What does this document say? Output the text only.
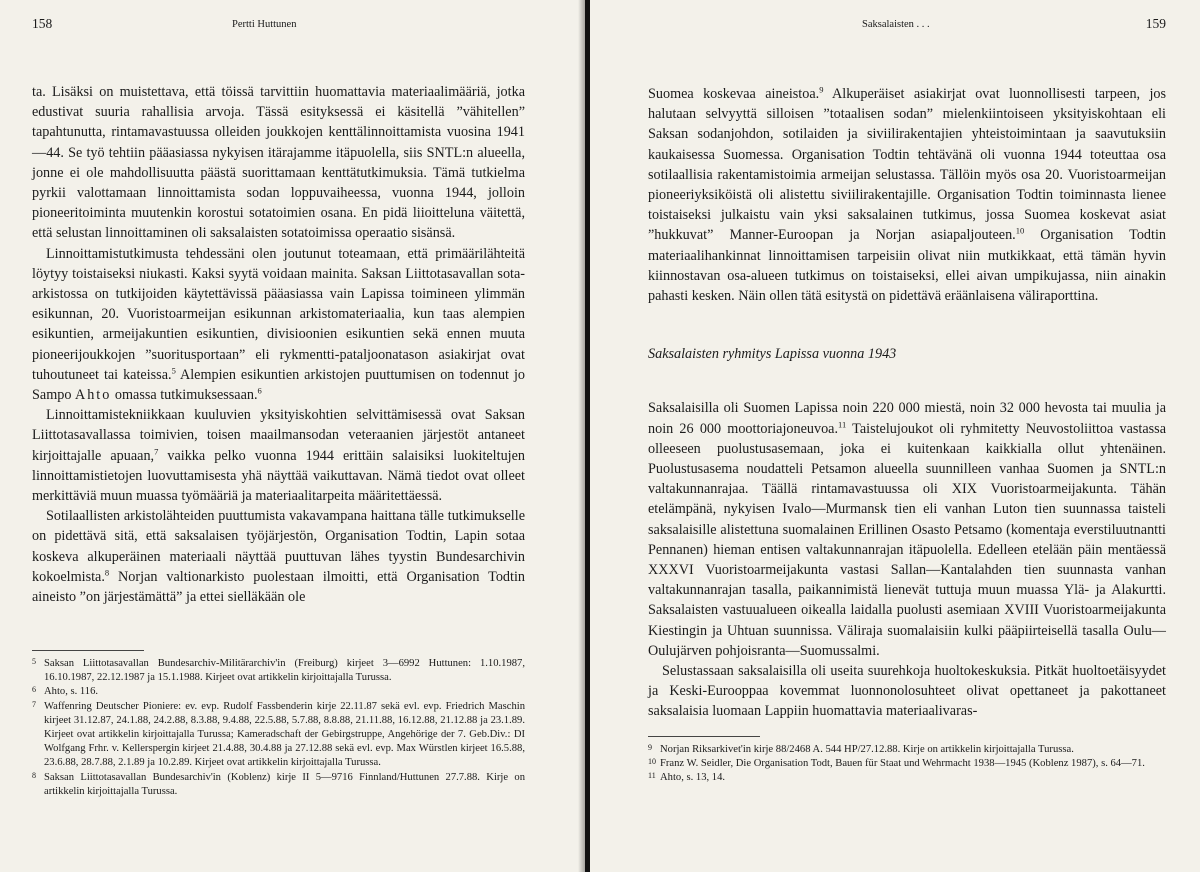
158	Pertti Huttunen

ta. Lisäksi on muistettava, että töissä tarvittiin huomattavia materiaalimääriä, jotka edustivat suuria rahallisia arvoja. Tässä esityksessä ei käsitellä ”vähitellen” tapahtunutta, rintamavastuussa olleiden joukkojen kenttälinnoittamista vuosina 1941—44. Se työ tehtiin pääasiassa nykyisen itärajamme itäpuolella, siis SNTL:n alueella, jonne ei ole mahdollisuutta päästä suorittamaan kenttätutkimuksia. Tämä tutkielma pyrkii valottamaan linnoittamista sodan loppuvaiheessa, vuonna 1944, jolloin pioneeritoiminta muutenkin korostui sotatoimien osana. En pidä liioitteluna väitettä, että selustan linnoittaminen oli saksalaisten sotatoimissa operaatio sisänsä.

Linnoittamistutkimusta tehdessäni olen joutunut toteamaan, että primäärilähteitä löytyy toistaiseksi niukasti. Kaksi syytä voidaan mainita. Saksan Liittotasavallan sota-arkistossa on tutkijoiden käytettävissä pääasiassa vain Lapissa toimineen ylimmän esikunnan, 20. Vuoristoarmeijan esikunnan arkistomateriaalia, kun taas alempien esikuntien, armeijakuntien esikuntien, divisioonien esikuntien sekä ennen muuta pioneerijoukkojen ”suoritusportaan” eli rykmentti-pataljoonatason asiakirjat ovat tuhoutuneet tai kateissa.$^5$ Alempien esikuntien arkistojen puuttumisen on todennut jo Sampo Ahto omassa tutkimuksessaan.$^6$

Linnoittamistekniikkaan kuuluvien yksityiskohtien selvittämisessä ovat Saksan Liittotasavallassa toimivien, toisen maailmansodan veteraanien järjestöt antaneet kirjoittajalle apuaan,$^7$ vaikka pelko vuonna 1944 erittäin salaisiksi luokiteltujen linnoittamistietojen luovuttamisesta yhä näyttää vaikuttavan. Nämä tiedot ovat olleet merkittäviä muun muassa työmääriä ja materiaalitarpeita määritettäessä.

Sotilaallisten arkistolähteiden puuttumista vakavampana haittana tälle tutkimukselle on pidettävä sitä, että saksalaisen työjärjestön, Organisation Todtin, Lapin sotaa koskeva alkuperäinen materiaali näyttää puuttuvan lähes tyystin Bundesarchivin kokoelmista.$^8$ Norjan valtionarkisto puolestaan ilmoitti, että Organisation Todtin aineisto ”on järjestämättä” ja ettei sielläkään ole

5 Saksan Liittotasavallan Bundesarchiv-Militärarchiv'in (Freiburg) kirjeet 3—6992 Huttunen: 1.10.1987, 16.10.1987, 22.12.1987 ja 15.1.1988. Kirjeet ovat artikkelin kirjoittajalla Turussa.
6 Ahto, s. 116.
7 Waffenring Deutscher Pioniere: ev. evp. Rudolf Fassbenderin kirje 22.11.87 sekä evl. evp. Friedrich Maschin kirjeet 31.12.87, 24.1.88, 24.2.88, 8.3.88, 9.4.88, 22.5.88, 5.7.88, 8.8.88, 21.11.88, 16.12.88, 21.12.88 ja 23.1.89. Kirjeet ovat artikkelin kirjoittajalla Turussa; Kameradschaft der Gebirgstruppe, Angehörige der 7. Geb.Div.: DI Wolfgang Frhr. v. Kellerspergin kirjeet 21.4.88, 30.4.88 ja 27.12.88 sekä evl. evp. Max Würstlen kirjeet 16.5.88, 23.6.88, 28.7.88, 2.1.89 ja 10.2.89. Kirjeet ovat artikkelin kirjoittajalla Turussa.
8 Saksan Liittotasavallan Bundesarchiv'in (Koblenz) kirje II 5—9716 Finnland/Huttunen 27.7.88. Kirje on artikkelin kirjoittajalla Turussa.
Saksalaisten . . .	159

Suomea koskevaa aineistoa.$^9$ Alkuperäiset asiakirjat ovat luonnollisesti tarpeen, jos halutaan selvyyttä silloisen ”totaalisen sodan” mielenkiintoiseen yksityiskohtaan eli Saksan sodanjohdon, sotilaiden ja siviilirakentajien yhteistoimintaan ja saavutuksiin kaukaisessa Suomessa. Organisation Todtin tehtävänä oli vuonna 1944 toteuttaa osa sotilaallisia rakentamistoimia armeijan selustassa. Tällöin myös osa 20. Vuoristoarmeijan pioneeriyksiköistä oli alistettu siviilirakentajille. Organisation Todtin toiminnasta lienee toistaiseksi julkaistu vain yksi saksalainen tutkimus, jossa Suomea koskevat asiat ”hukkuvat” Manner-Euroopan ja Norjan asiapaljouteen.$^{10}$ Organisation Todtin materiaalihankinnat linnoittamisen tarpeisiin olivat niin mutkikkaat, että tämän hyvin kiinnostavan osa-alueen tutkimus on toistaiseksi, ellei aivan umpikujassa, niin ainakin pahasti kesken. Näin ollen tätä esitystä on pidettävä eräänlaisena väliraporttina.

Saksalaisten ryhmitys Lapissa vuonna 1943

Saksalaisilla oli Suomen Lapissa noin 220 000 miestä, noin 32 000 hevosta tai muulia ja noin 26 000 moottoriajoneuvoa.$^{11}$ Taistelujoukot oli ryhmitetty Neuvostoliittoa vastassa olleeseen puolustusasemaan, joka ei kuitenkaan kaikkialla ollut yhtenäinen. Puolustusasema noudatteli Petsamon alueella suunnilleen vanhaa Suomen ja SNTL:n valtakunnanrajaa. Täällä rintamavastuussa oli XIX Vuoristoarmeijakunta. Tähän etelämpänä, nykyisen Ivalo—Murmansk tien eli vanhan Luton tien suunnassa taisteli saksalaisille alistettuna suomalainen Erillinen Osasto Petsamo (komentaja everstiluutnantti Pennanen) hieman entisen valtakunnanrajan itäpuolella. Edelleen etelään päin mentäessä XXXVI Vuoristoarmeijakunta vastasi Sallan—Kantalahden tien suunnasta vanhan valtakunnanrajan tasalla, paikannimistä lienevät tuttuja muun muassa Ylä- ja Alakurtti. Saksalaisten vastuualueen oikealla laidalla puolusti asemiaan XVIII Vuoristoarmeijakunta Kiestingin ja Uhtuan suunnissa. Väliraja suomalaisiin kulki pääpiirteisellä tasalla Oulu—Oulujärven pohjoisranta—Suomussalmi.

Selustassaan saksalaisilla oli useita suurehkoja huoltokeskuksia. Pitkät huoltoetäisyydet ja Keski-Eurooppaa kovemmat luonnonolosuhteet olivat opettaneet ja pakottaneet saksalaisia luomaan Lappiin huomattavia materiaalivaras-

9 Norjan Riksarkivet'in kirje 88/2468 A. 544 HP/27.12.88. Kirje on artikkelin kirjoittajalla Turussa.
10 Franz W. Seidler, Die Organisation Todt, Bauen für Staat und Wehrmacht 1938—1945 (Koblenz 1987), s. 64—71.
11 Ahto, s. 13, 14.
